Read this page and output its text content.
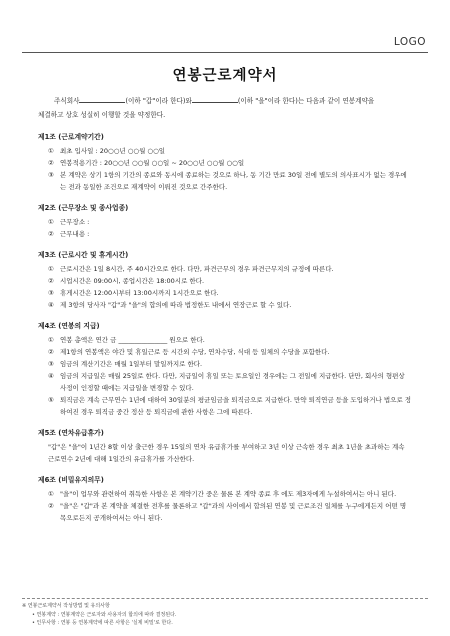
LOGO
연봉근로계약서
주식회사	(이하 "갑"이라 한다)와	(이하 "을"이라 한다)는 다음과 같이 연봉계약을
체결하고 상호 성실히 이행할 것을 약정한다.
제1조 (근로계약기간)
① 최초 입사일 : 20○○년 ○○월 ○○일
② 연봉적용기간 : 20○○년 ○○월 ○○일 ~ 20○○년 ○○월 ○○일
③ 본 계약은 상기 1항의 기간의 종료와 동시에 종료하는 것으로 하나, 동 기간 만료 30일 전에 별도의 의사표시가 없는 경우에는 전과 동일한 조건으로 재계약이 이뤄진 것으로 간주한다.
제2조 (근무장소 및 종사업종)
① 근무장소 :
② 근무내용 :
제3조 (근로시간 및 휴게시간)
① 근로시간은 1일 8시간, 주 40시간으로 한다. 다만, 파견근무의 경우 파견근무지의 규정에 따른다.
② 시업시간은 09:00시, 종업시간은 18:00시로 한다.
③ 휴게시간은 12:00시부터 13:00시까지 1시간으로 한다.
④ 제 3항의 당사자 "갑"과 "을"의 합의에 따라 법정한도 내에서 연장근로 할 수 있다.
제4조 (연봉의 지급)
① 연봉 총액은 연간 금 _______________ 원으로 한다.
② 제1항의 연봉액은 야간 및 휴일근로 등 시간외 수당, 연차수당, 식대 등 일체의 수당을 포함한다.
③ 임금의 계산기간은 매월 1일부터 말일까지로 한다.
④ 임금의 지급일은 매월 25일로 한다. 다만, 지급일이 휴일 또는 토요일인 경우에는 그 전일에 지급한다. 단만, 회사의 형편상 사정이 인정할 때에는 지급일을 변경할 수 있다.
⑤ 퇴직금은 계속 근무연수 1년에 대하여 30일분의 평균임금을 퇴직금으로 지급한다. 만약 퇴직연금 등을 도입하거나 법으로 정하여진 경우 퇴직금 중간 정산 등 퇴직금에 관한 사항은 그에 따른다.
제5조 (연차유급휴가)
"갑"은 "을"이 1년간 8할 이상 출근한 경우 15일의 연차 유급휴가를 부여하고 3년 이상 근속한 경우 최초 1년을 초과하는 계속 근로연수 2년에 대해 1일간의 유급휴가를 가산한다.
제6조 (비밀유지의무)
① "을"이 업무와 관련하여 취득한 사항은 본 계약기간 중은 물론 본 계약 종료 후 에도 제3자에게 누설하여서는 아니 된다.
② "을"은 "갑"과 본 계약을 체결한 전후를 물론하고 "갑"과의 사이에서 합의된 연봉 및 근로조건 일체를 누구에게든지 어떤 명목으로든지 공개하여서는 아니 된다.
※ 연봉근로계약서 작성방법 및 유의사항
• 연봉계약 : 연봉계약은 근로자와 사용자의 합의에 따라 결정된다.
• 인무사항 : 연봉 등 연봉계약에 따른 사항은 '실제 비밀'로 한다.
